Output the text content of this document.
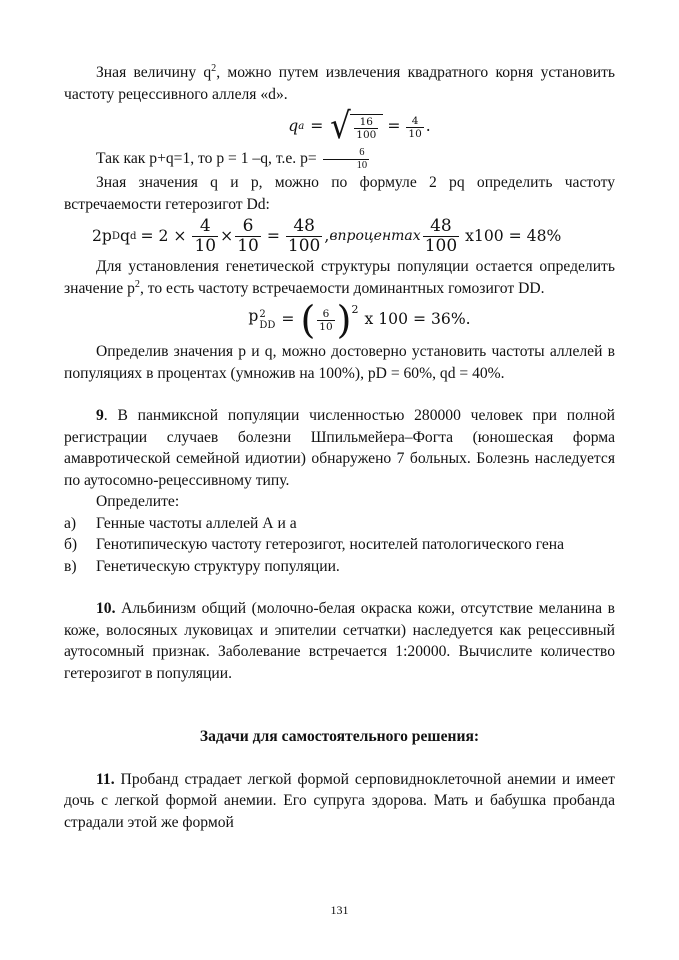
Зная величину $q^2$, можно путем извлечения квадратного корня установить частоту рецессивного аллеля «d».

q a = √ $\frac{16}{100} = \frac{4}{10}$ .

Так как p+q=1, то p = 1 –q, т.е. $p= \frac{6}{10}$

Зная значения q и p, можно по формуле 2 pq определить частоту встречаемости гетерозигот Dd:

2p D q $d = 2 \times \frac{4}{10} \times \frac{6}{10} = \frac{48}{100}$ , впроцентах $\frac{48}{100} x100 = 48\%$

Для установления генетической структуры популяции остается определить значение $p^2$, то есть частоту встречаемости доминантных гомозигот DD.

p 2
DD = ( $\frac{6}{10} )^2$
x 100 = 36%.

Определив значения p и q, можно достоверно установить частоты аллелей в популяциях в процентах (умножив на 100%), pD = 60%, qd = 40%.

9. В панмиксной популяции численностью 280000 человек при полной регистрации случаев болезни Шпильмейера–Фогта (юношеская форма амавротической семейной идиотии) обнаружено 7 больных. Болезнь наследуется по аутосомно-рецессивному типу.

Определите:

а)	Генные частоты аллелей А и а
б)	Генотипическую частоту гетерозигот, носителей патологического гена
в)	Генетическую структуру популяции.

10. Альбинизм общий (молочно-белая окраска кожи, отсутствие меланина в коже, волосяных луковицах и эпителии сетчатки) наследуется как рецессивный аутосомный признак. Заболевание встречается 1:20000. Вычислите количество гетерозигот в популяции.

Задачи для самостоятельного решения:

11. Пробанд страдает легкой формой серповидноклеточной анемии и имеет дочь с легкой формой анемии. Его супруга здорова. Мать и бабушка пробанда страдали этой же формой

131
